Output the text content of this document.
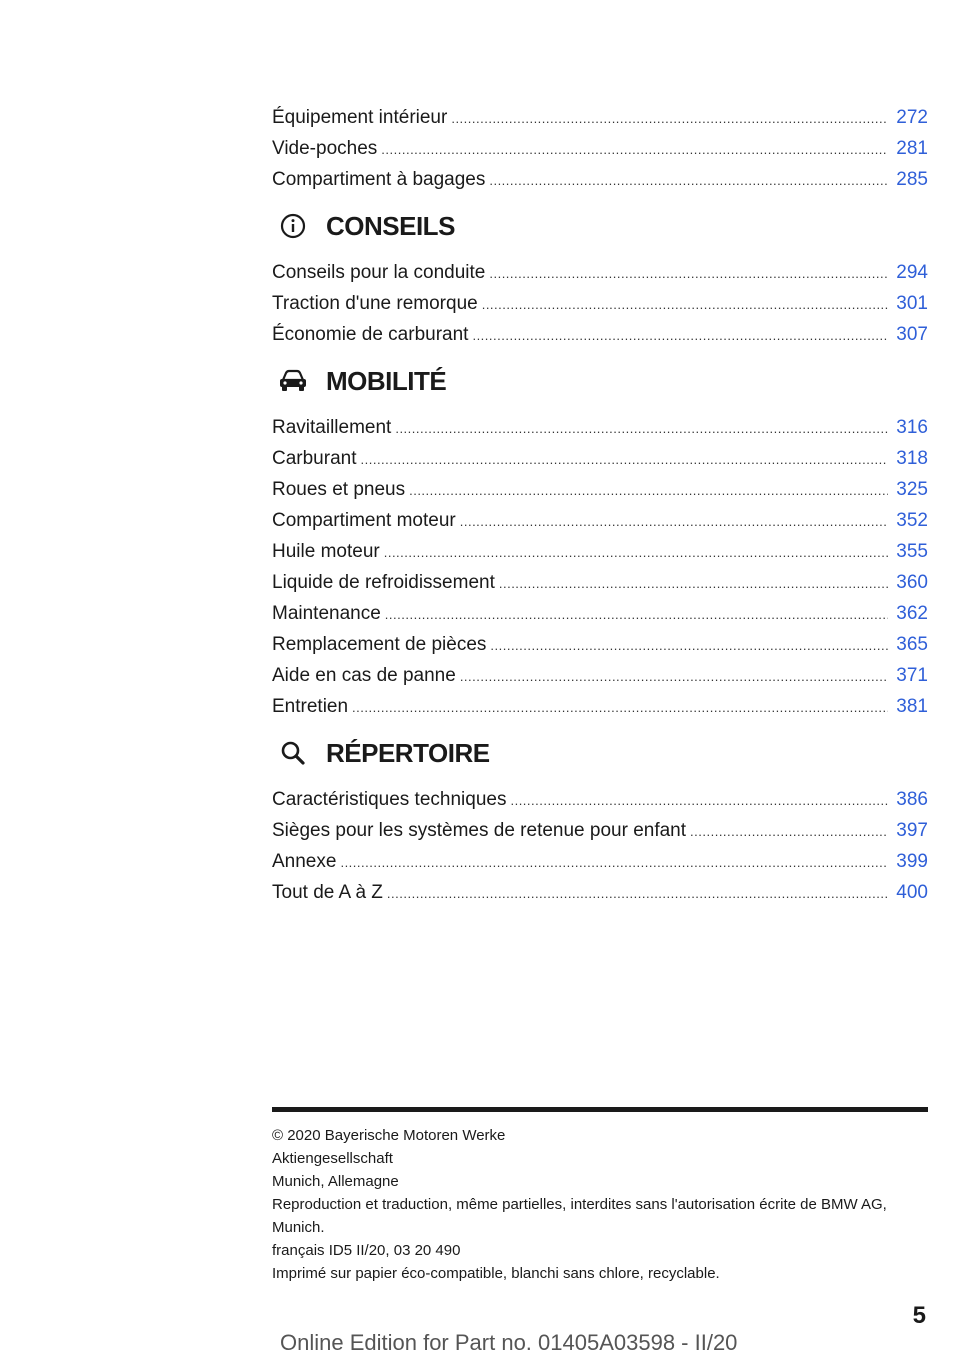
Équipement intérieur .....	272
Vide-poches .....	281
Compartiment à bagages .....	285
CONSEILS
Conseils pour la conduite .....	294
Traction d'une remorque .....	301
Économie de carburant .....	307
MOBILITÉ
Ravitaillement .....	316
Carburant .....	318
Roues et pneus .....	325
Compartiment moteur .....	352
Huile moteur .....	355
Liquide de refroidissement .....	360
Maintenance .....	362
Remplacement de pièces .....	365
Aide en cas de panne .....	371
Entretien .....	381
RÉPERTOIRE
Caractéristiques techniques .....	386
Sièges pour les systèmes de retenue pour enfant .....	397
Annexe .....	399
Tout de A à Z .....	400
© 2020 Bayerische Motoren Werke
Aktiengesellschaft
Munich, Allemagne
Reproduction et traduction, même partielles, interdites sans l'autorisation écrite de BMW AG, Munich.
français ID5 II/20, 03 20 490
Imprimé sur papier éco-compatible, blanchi sans chlore, recyclable.
5
Online Edition for Part no. 01405A03598 - II/20
